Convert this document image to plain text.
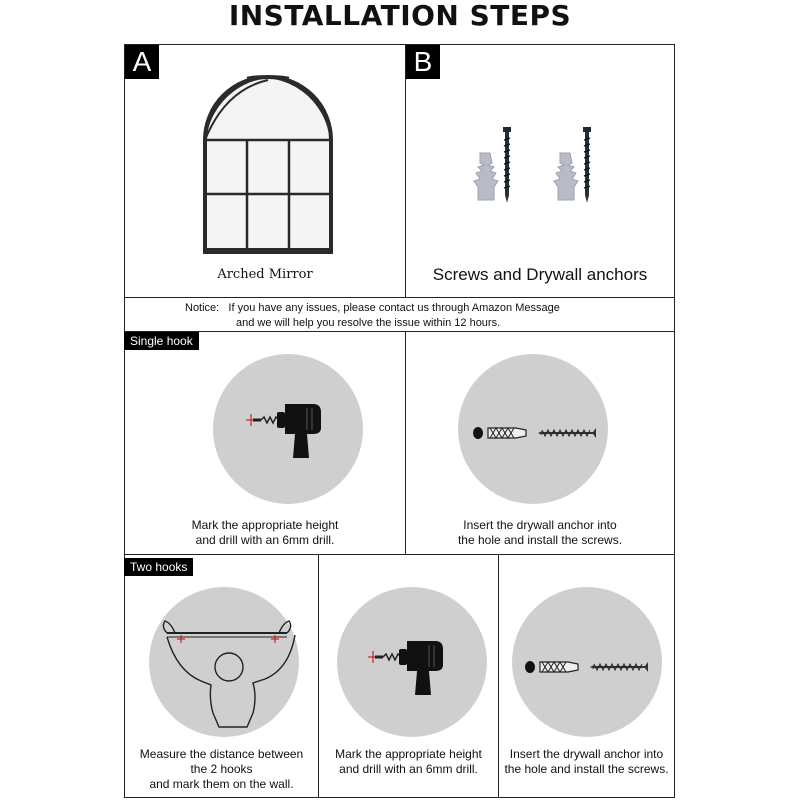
INSTALLATION STEPS
A
Arched Mirror
B
Screws and Drywall anchors
Notice:   If you have any issues, please contact us through Amazon Message
and we will help you resolve the issue within 12 hours.
Mark the appropriate height
and drill with an 6mm drill.
Single hook
Insert the drywall anchor into
the hole and install the screws.
Measure the distance between
the 2 hooks
and mark them on the wall.
Two hooks
Mark the appropriate height
and drill with an 6mm drill.
Insert the drywall anchor into
the hole and install the screws.
